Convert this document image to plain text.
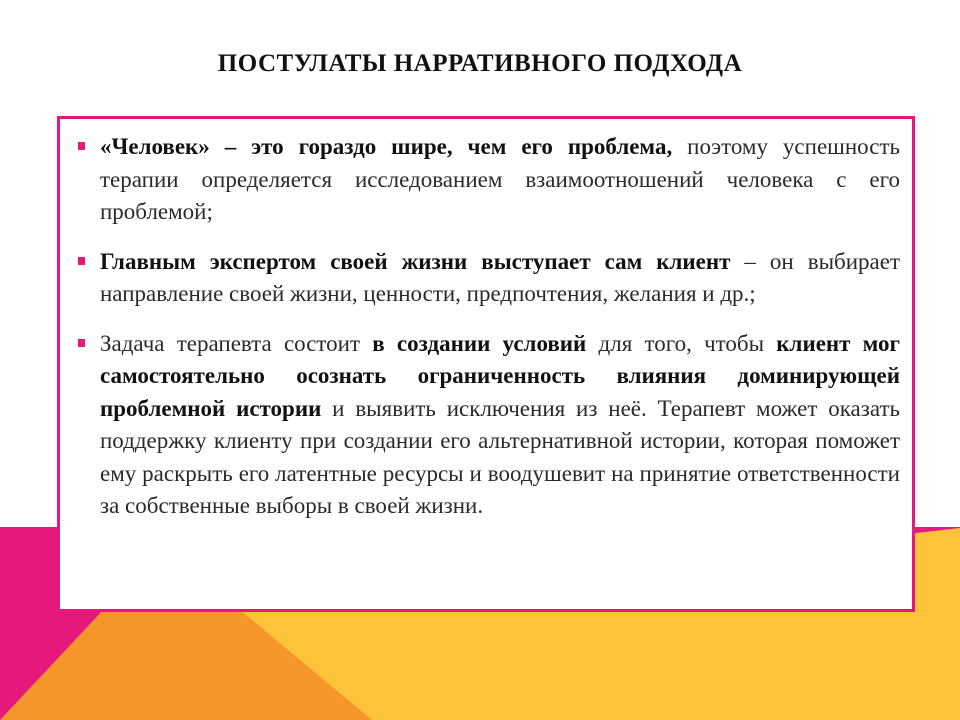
ПОСТУЛАТЫ НАРРАТИВНОГО ПОДХОДА
«Человек» – это гораздо шире, чем его проблема, поэтому успешность терапии определяется исследованием взаимоотношений человека с его проблемой;
Главным экспертом своей жизни выступает сам клиент – он выбирает направление своей жизни, ценности, предпочтения, желания и др.;
Задача терапевта состоит в создании условий для того, чтобы клиент мог самостоятельно осознать ограниченность влияния доминирующей проблемной истории и выявить исключения из неё. Терапевт может оказать поддержку клиенту при создании его альтернативной истории, которая поможет ему раскрыть его латентные ресурсы и воодушевит на принятие ответственности за собственные выборы в своей жизни.
